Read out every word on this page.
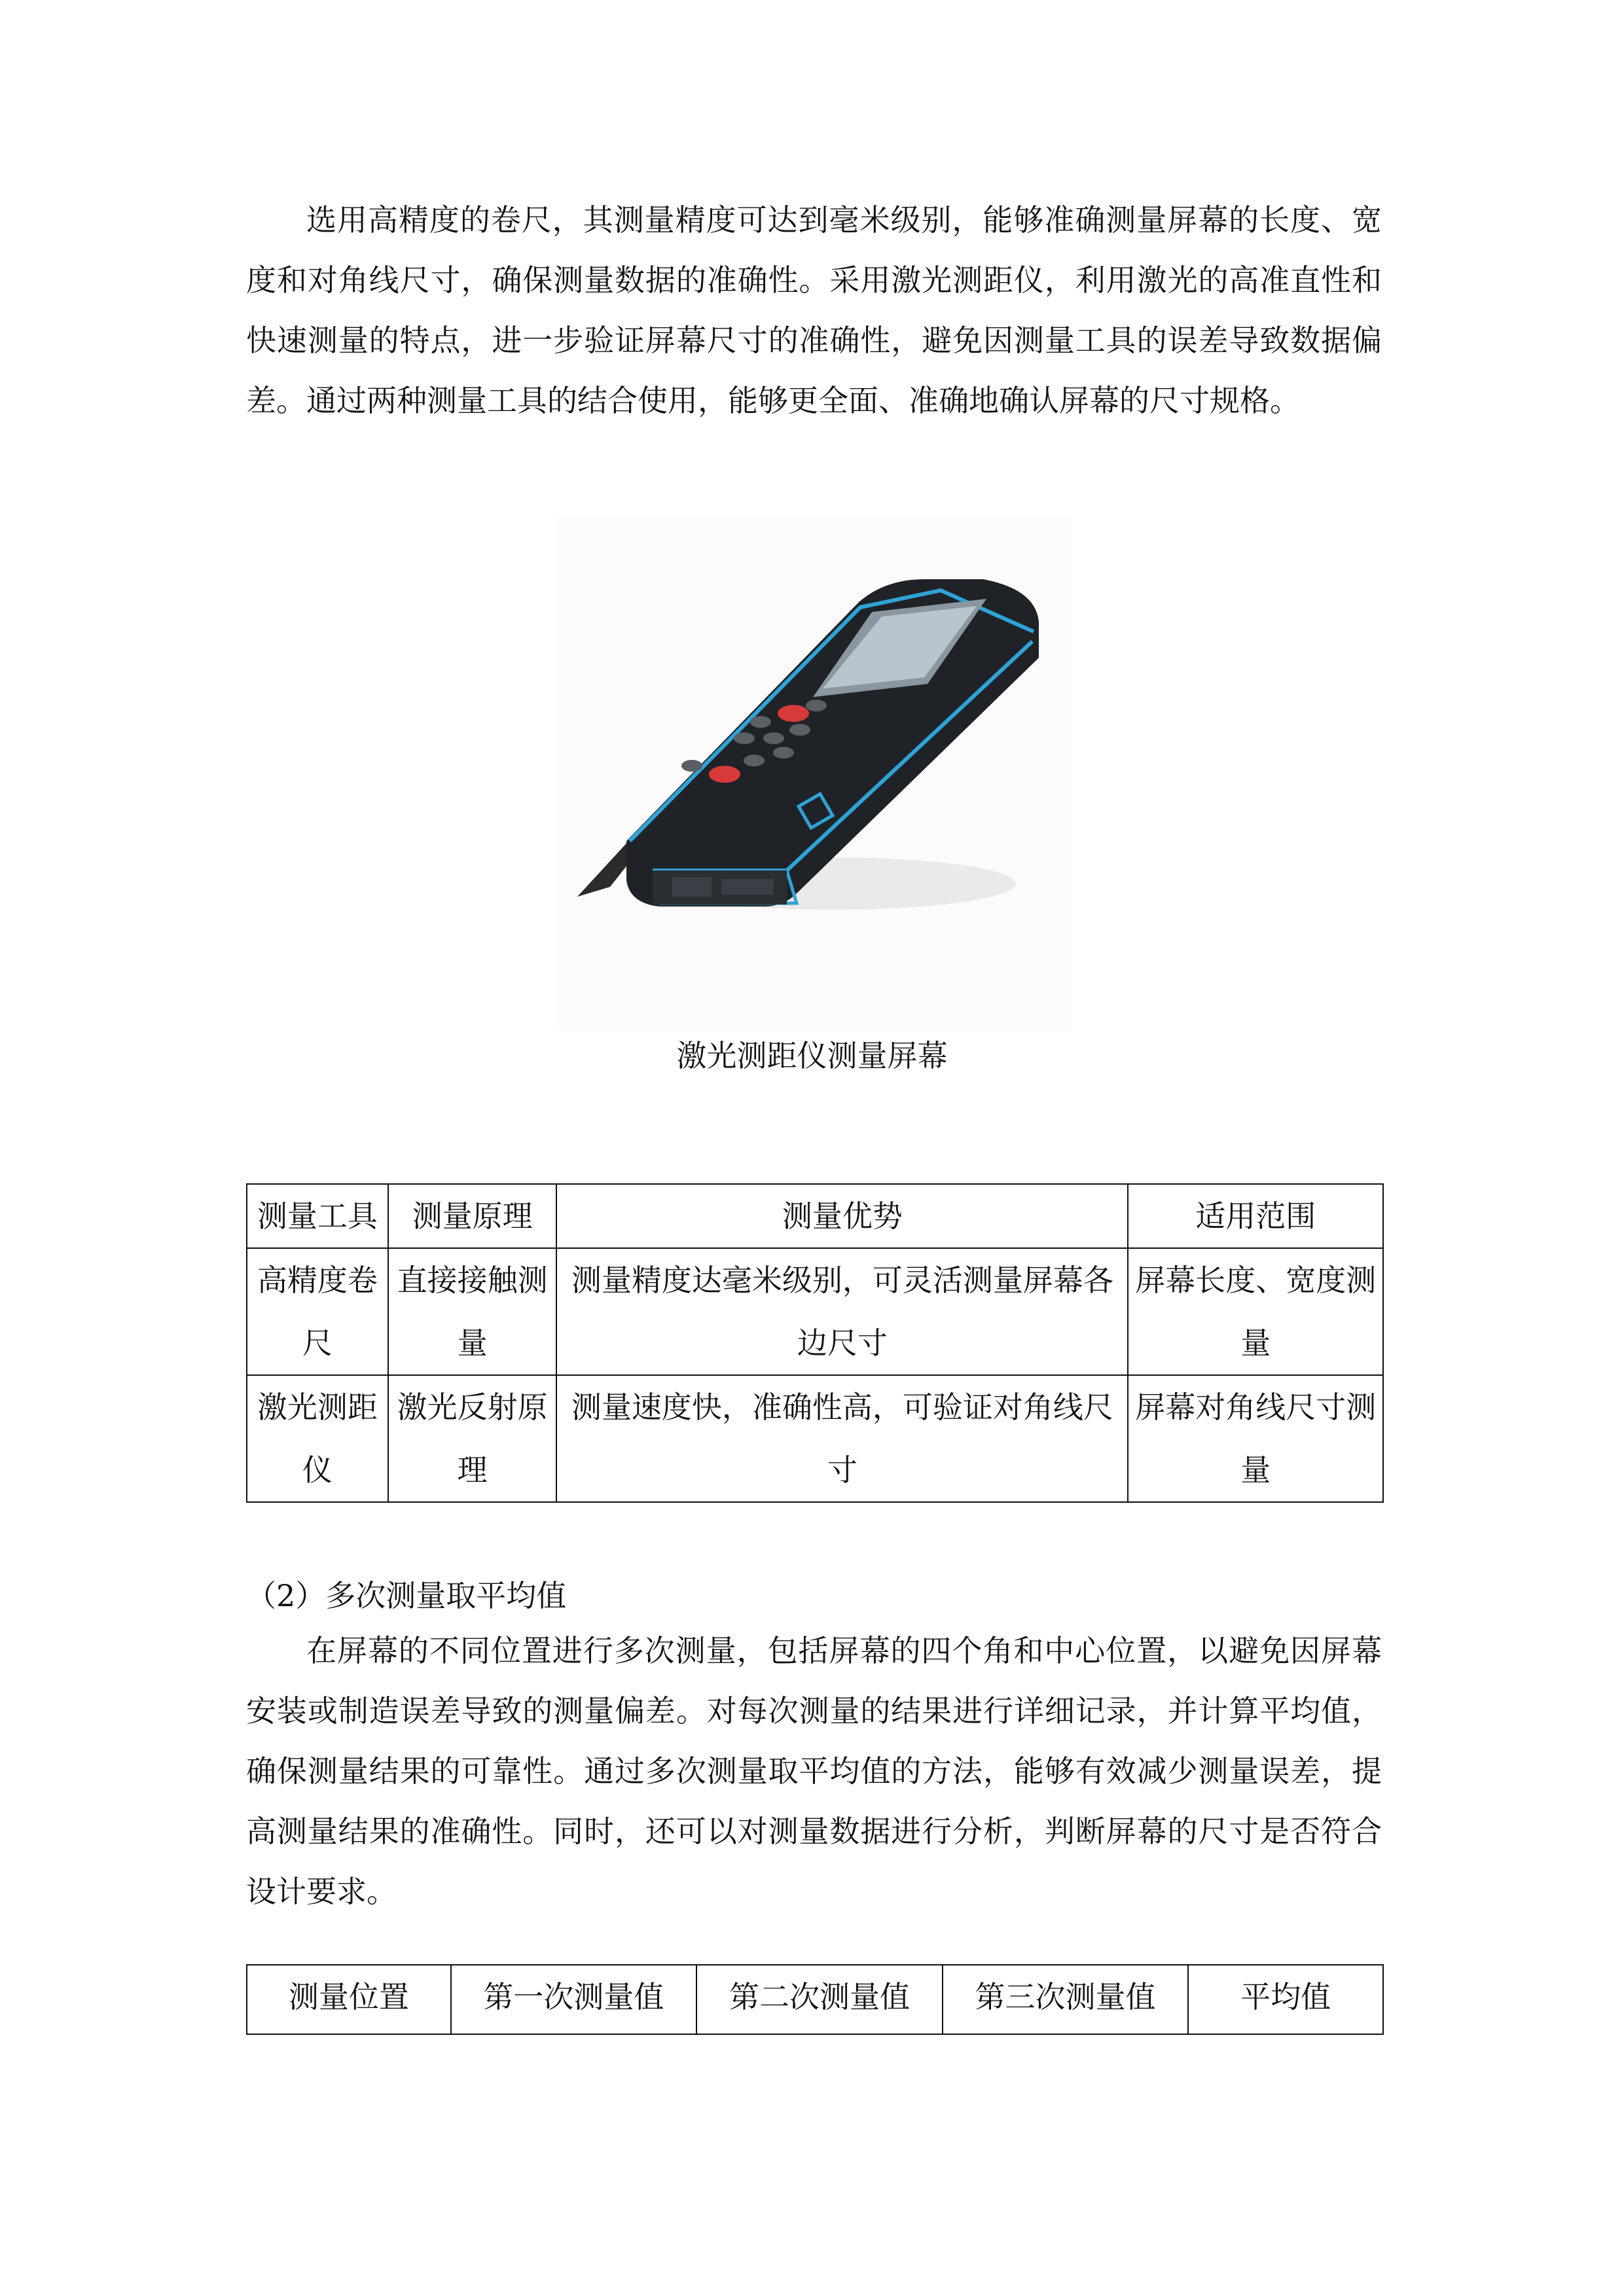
选用高精度的卷尺，其测量精度可达到毫米级别，能够准确测量屏幕的长度、宽度和对角线尺寸，确保测量数据的准确性。采用激光测距仪，利用激光的高准直性和快速测量的特点，进一步验证屏幕尺寸的准确性，避免因测量工具的误差导致数据偏差。通过两种测量工具的结合使用，能够更全面、准确地确认屏幕的尺寸规格。

激光测距仪测量屏幕
测量工具	测量原理	测量优势	适用范围
高精度卷尺	直接接触测量	测量精度达毫米级别，可灵活测量屏幕各边尺寸	屏幕长度、宽度测量
激光测距仪	激光反射原理	测量速度快，准确性高，可验证对角线尺寸	屏幕对角线尺寸测量

（2）多次测量取平均值

在屏幕的不同位置进行多次测量，包括屏幕的四个角和中心位置，以避免因屏幕安装或制造误差导致的测量偏差。对每次测量的结果进行详细记录，并计算平均值，确保测量结果的可靠性。通过多次测量取平均值的方法，能够有效减少测量误差，提高测量结果的准确性。同时，还可以对测量数据进行分析，判断屏幕的尺寸是否符合设计要求。

测量位置	第一次测量值	第二次测量值	第三次测量值	平均值
